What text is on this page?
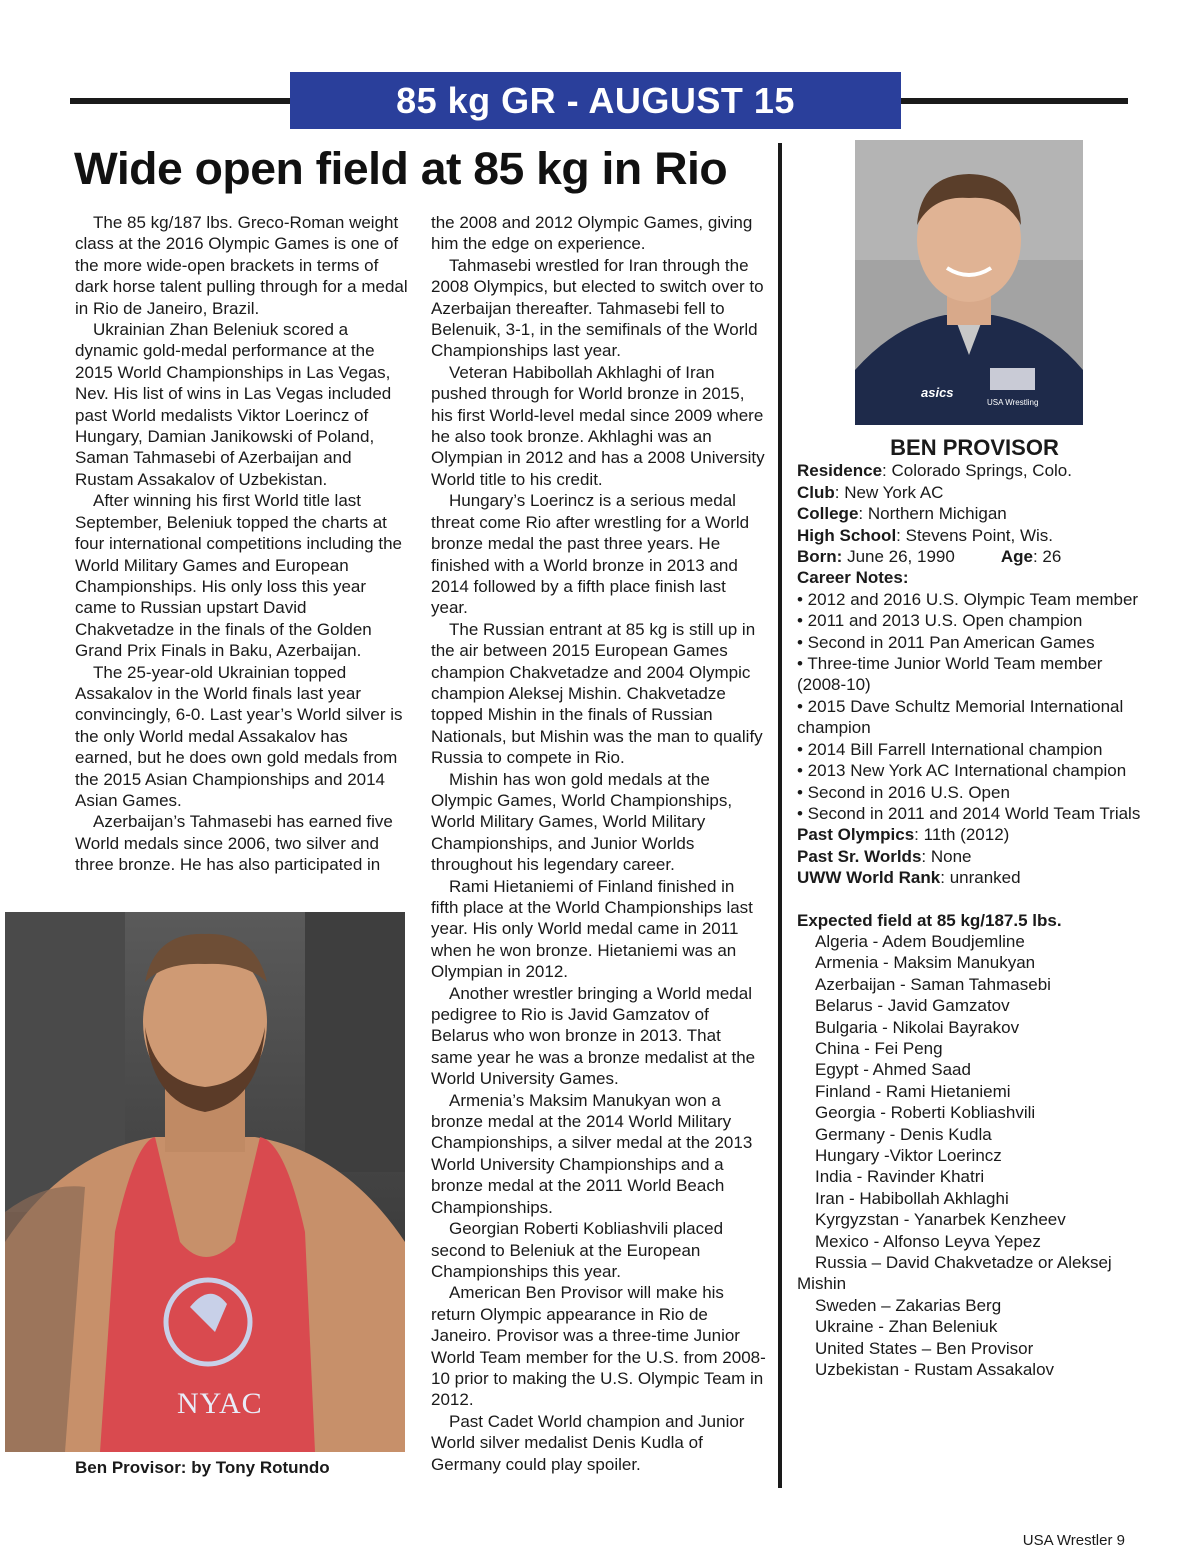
85 kg GR - AUGUST 15
Wide open field at 85 kg in Rio

The 85 kg/187 lbs. Greco-Roman weight class at the 2016 Olympic Games is one of the more wide-open brackets in terms of dark horse talent pulling through for a medal in Rio de Janeiro, Brazil.

Ukrainian Zhan Beleniuk scored a dynamic gold-medal performance at the 2015 World Championships in Las Vegas, Nev. His list of wins in Las Vegas included past World medalists Viktor Loerincz of Hungary, Damian Janikowski of Poland, Saman Tahmasebi of Azerbaijan and Rustam Assakalov of Uzbekistan.

After winning his first World title last September, Beleniuk topped the charts at four international competitions including the World Military Games and European Championships. His only loss this year came to Russian upstart David Chakvetadze in the finals of the Golden Grand Prix Finals in Baku, Azerbaijan.

The 25-year-old Ukrainian topped Assakalov in the World finals last year convincingly, 6-0. Last year’s World silver is the only World medal Assakalov has earned, but he does own gold medals from the 2015 Asian Championships and 2014 Asian Games.

Azerbaijan’s Tahmasebi has earned five World medals since 2006, two silver and three bronze. He has also participated in

the 2008 and 2012 Olympic Games, giving him the edge on experience.

Tahmasebi wrestled for Iran through the 2008 Olympics, but elected to switch over to Azerbaijan thereafter. Tahmasebi fell to Belenuik, 3-1, in the semifinals of the World Championships last year.

Veteran Habibollah Akhlaghi of Iran pushed through for World bronze in 2015, his first World-level medal since 2009 where he also took bronze. Akhlaghi was an Olympian in 2012 and has a 2008 University World title to his credit.

Hungary’s Loerincz is a serious medal threat come Rio after wrestling for a World bronze medal the past three years. He finished with a World bronze in 2013 and 2014 followed by a fifth place finish last year.

The Russian entrant at 85 kg is still up in the air between 2015 European Games champion Chakvetadze and 2004 Olympic champion Aleksej Mishin. Chakvetadze topped Mishin in the finals of Russian Nationals, but Mishin was the man to qualify Russia to compete in Rio.

Mishin has won gold medals at the Olympic Games, World Championships, World Military Games, World Military Championships, and Junior Worlds throughout his legendary career.

Rami Hietaniemi of Finland finished in fifth place at the World Championships last year. His only World medal came in 2011 when he won bronze. Hietaniemi was an Olympian in 2012.

Another wrestler bringing a World medal pedigree to Rio is Javid Gamzatov of Belarus who won bronze in 2013. That same year he was a bronze medalist at the World University Games.

Armenia’s Maksim Manukyan won a bronze medal at the 2014 World Military Championships, a silver medal at the 2013 World University Championships and a bronze medal at the 2011 World Beach Championships.

Georgian Roberti Kobliashvili placed second to Beleniuk at the European Championships this year.

American Ben Provisor will make his return Olympic appearance in Rio de Janeiro. Provisor was a three-time Junior World Team member for the U.S. from 2008-10 prior to making the U.S. Olympic Team in 2012.

Past Cadet World champion and Junior World silver medalist Denis Kudla of Germany could play spoiler.

NYAC
Ben Provisor: by Tony Rotundo
asics
USA Wrestling
BEN PROVISOR
Residence: Colorado Springs, Colo.
Club: New York AC
College: Northern Michigan
High School: Stevens Point, Wis.
Born: June 26, 1990	Age: 26
Career Notes:
• 2012 and 2016 U.S. Olympic Team member
• 2011 and 2013 U.S. Open champion
• Second in 2011 Pan American Games
• Three-time Junior World Team member (2008-10)
• 2015 Dave Schultz Memorial International champion
• 2014 Bill Farrell International champion
• 2013 New York AC International champion
• Second in 2016 U.S. Open
• Second in 2011 and 2014 World Team Trials
Past Olympics: 11th (2012)
Past Sr. Worlds: None
UWW World Rank: unranked
Expected field at 85 kg/187.5 lbs.
Algeria - Adem Boudjemline
Armenia - Maksim Manukyan
Azerbaijan - Saman Tahmasebi
Belarus - Javid Gamzatov
Bulgaria - Nikolai Bayrakov
China - Fei Peng
Egypt - Ahmed Saad
Finland - Rami Hietaniemi
Georgia - Roberti Kobliashvili
Germany - Denis Kudla
Hungary -Viktor Loerincz
India - Ravinder Khatri
Iran - Habibollah Akhlaghi
Kyrgyzstan - Yanarbek Kenzheev
Mexico - Alfonso Leyva Yepez
Russia – David Chakvetadze or Aleksej Mishin
Sweden – Zakarias Berg
Ukraine - Zhan Beleniuk
United States – Ben Provisor
Uzbekistan - Rustam Assakalov
USA Wrestler 9
